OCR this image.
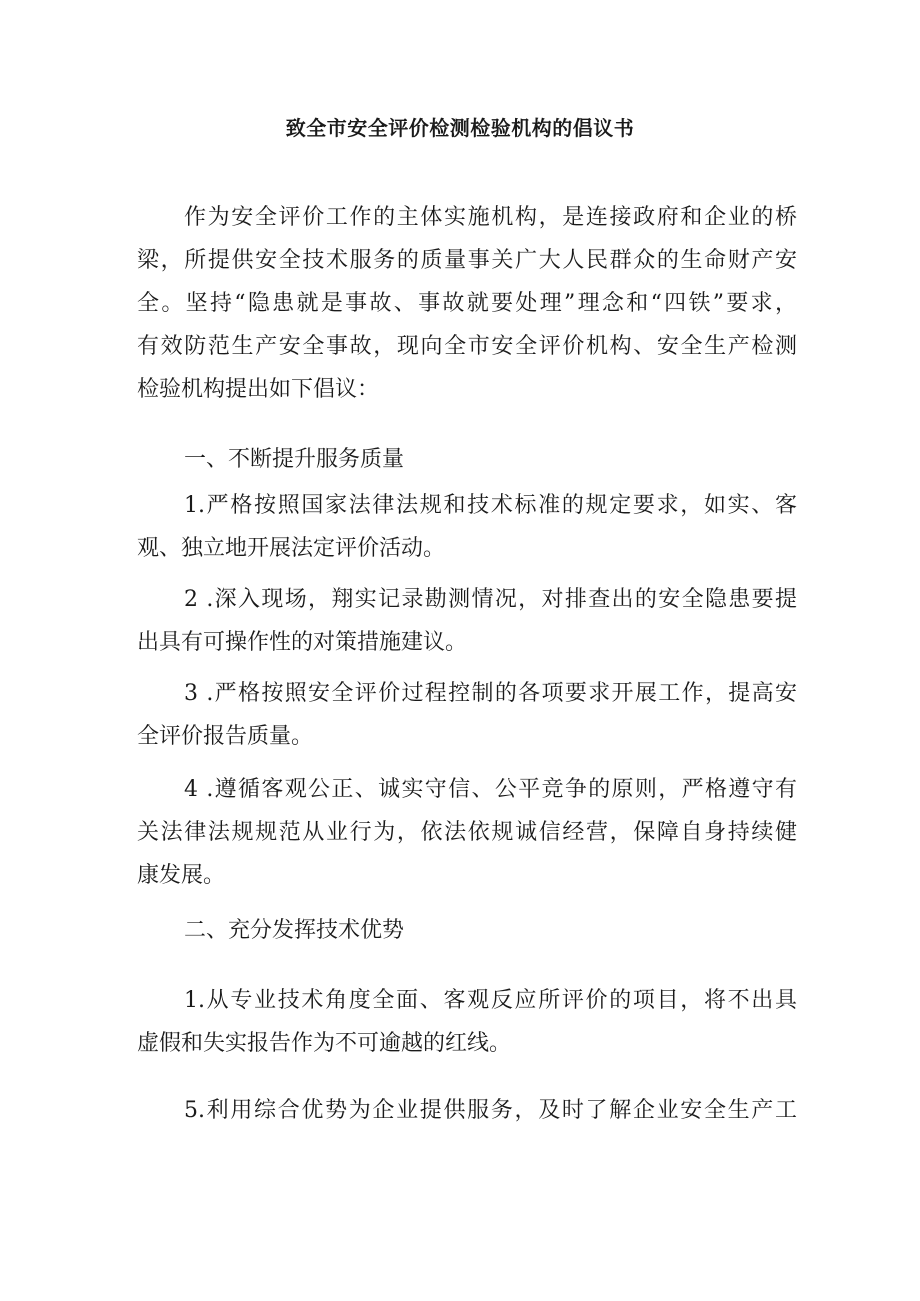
致全市安全评价检测检验机构的倡议书
作为安全评价工作的主体实施机构，是连接政府和企业的桥
梁，所提供安全技术服务的质量事关广大人民群众的生命财产安
全。坚持“隐患就是事故、事故就要处理”理念和“四铁”要求，
有效防范生产安全事故，现向全市安全评价机构、安全生产检测
检验机构提出如下倡议：
一、不断提升服务质量
1.严格按照国家法律法规和技术标准的规定要求，如实、客
观、独立地开展法定评价活动。
2 .深入现场，翔实记录勘测情况，对排查出的安全隐患要提
出具有可操作性的对策措施建议。
3 .严格按照安全评价过程控制的各项要求开展工作，提高安
全评价报告质量。
4 .遵循客观公正、诚实守信、公平竞争的原则，严格遵守有
关法律法规规范从业行为，依法依规诚信经营，保障自身持续健
康发展。
二、充分发挥技术优势
1.从专业技术角度全面、客观反应所评价的项目，将不出具
虚假和失实报告作为不可逾越的红线。
5.利用综合优势为企业提供服务，及时了解企业安全生产工
